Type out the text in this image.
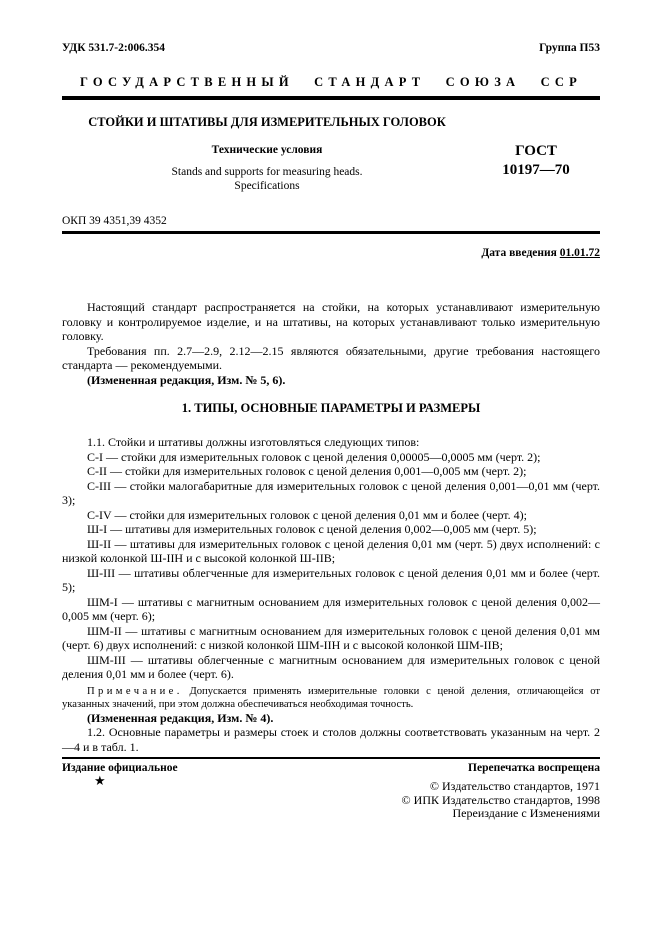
УДК 531.7-2:006.354	Группа П53
ГОСУДАРСТВЕННЫЙ СТАНДАРТ СОЮЗА ССР
СТОЙКИ И ШТАТИВЫ ДЛЯ ИЗМЕРИТЕЛЬНЫХ ГОЛОВОК
Технические условия
Stands and supports for measuring heads.
Specifications
ГОСТ
10197—70
ОКП 39 4351,39 4352
Дата введения 01.01.72

Настоящий стандарт распространяется на стойки, на которых устанавливают измерительную головку и контролируемое изделие, и на штативы, на которых устанавливают только измерительную головку.

Требования пп. 2.7—2.9, 2.12—2.15 являются обязательными, другие требования настоящего стандарта — рекомендуемыми.

(Измененная редакция, Изм. № 5, 6).

1. ТИПЫ, ОСНОВНЫЕ ПАРАМЕТРЫ И РАЗМЕРЫ

1.1. Стойки и штативы должны изготовляться следующих типов:

С-I — стойки для измерительных головок с ценой деления 0,00005—0,0005 мм (черт. 2);

С-II — стойки для измерительных головок с ценой деления 0,001—0,005 мм (черт. 2);

С-III — стойки малогабаритные для измерительных головок с ценой деления 0,001—0,01 мм (черт. 3);

С-IV — стойки для измерительных головок с ценой деления 0,01 мм и более (черт. 4);

Ш-I — штативы для измерительных головок с ценой деления 0,002—0,005 мм (черт. 5);

Ш-II — штативы для измерительных головок с ценой деления 0,01 мм (черт. 5) двух исполнений: с низкой колонкой Ш-IIН и с высокой колонкой Ш-IIВ;

Ш-III — штативы облегченные для измерительных головок с ценой деления 0,01 мм и более (черт. 5);

ШМ-I — штативы с магнитным основанием для измерительных головок с ценой деления 0,002—0,005 мм (черт. 6);

ШМ-II — штативы с магнитным основанием для измерительных головок с ценой деления 0,01 мм (черт. 6) двух исполнений: с низкой колонкой ШМ-IIН и с высокой колонкой ШМ-IIВ;

ШМ-III — штативы облегченные с магнитным основанием для измерительных головок с ценой деления 0,01 мм и более (черт. 6).

Примечание. Допускается применять измерительные головки с ценой деления, отличающейся от указанных значений, при этом должна обеспечиваться необходимая точность.

(Измененная редакция, Изм. № 4).

1.2. Основные параметры и размеры стоек и столов должны соответствовать указанным на черт. 2—4 и в табл. 1.

Издание официальное	Перепечатка воспрещена
★	© Издательство стандартов, 1971
© ИПК Издательство стандартов, 1998
Переиздание с Изменениями
